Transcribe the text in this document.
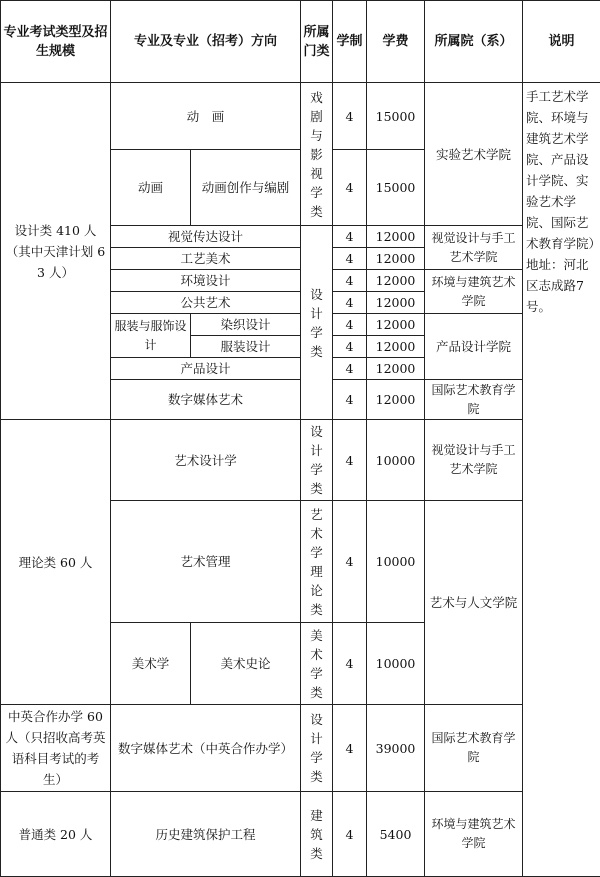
专业考试类型及招生规模	专业及专业（招考）方向		所属门类	学制	学费	所属院（系）	说明
设计类 410 人（其中天津计划 63 人）	动　画		戏剧与影视学类	4	15000	实验艺术学院	手工艺术学院、环境与建筑艺术学院、产品设计学院、实验艺术学院、国际艺术教育学院）地址：河北区志成路7号。
	动画	动画创作与编剧		4	15000		
	视觉传达设计		设计学类	4	12000	视觉设计与手工艺术学院	
	工艺美术			4	12000		
	环境设计			4	12000	环境与建筑艺术学院	
	公共艺术			4	12000		
	服装与服饰设计	染织设计		4	12000	产品设计学院	
		服装设计		4	12000		
	产品设计			4	12000		
	数字媒体艺术			4	12000	国际艺术教育学院	
理论类 60 人	艺术设计学		设计学类	4	10000	视觉设计与手工艺术学院	
	艺术管理		艺术学理论类	4	10000	艺术与人文学院	
	美术学	美术史论	美术学类	4	10000		
中英合作办学 60 人（只招收高考英语科目考试的考生）	数字媒体艺术（中英合作办学）		设计学类	4	39000	国际艺术教育学院	
普通类 20 人	历史建筑保护工程		建筑类	4	5400	环境与建筑艺术学院	
